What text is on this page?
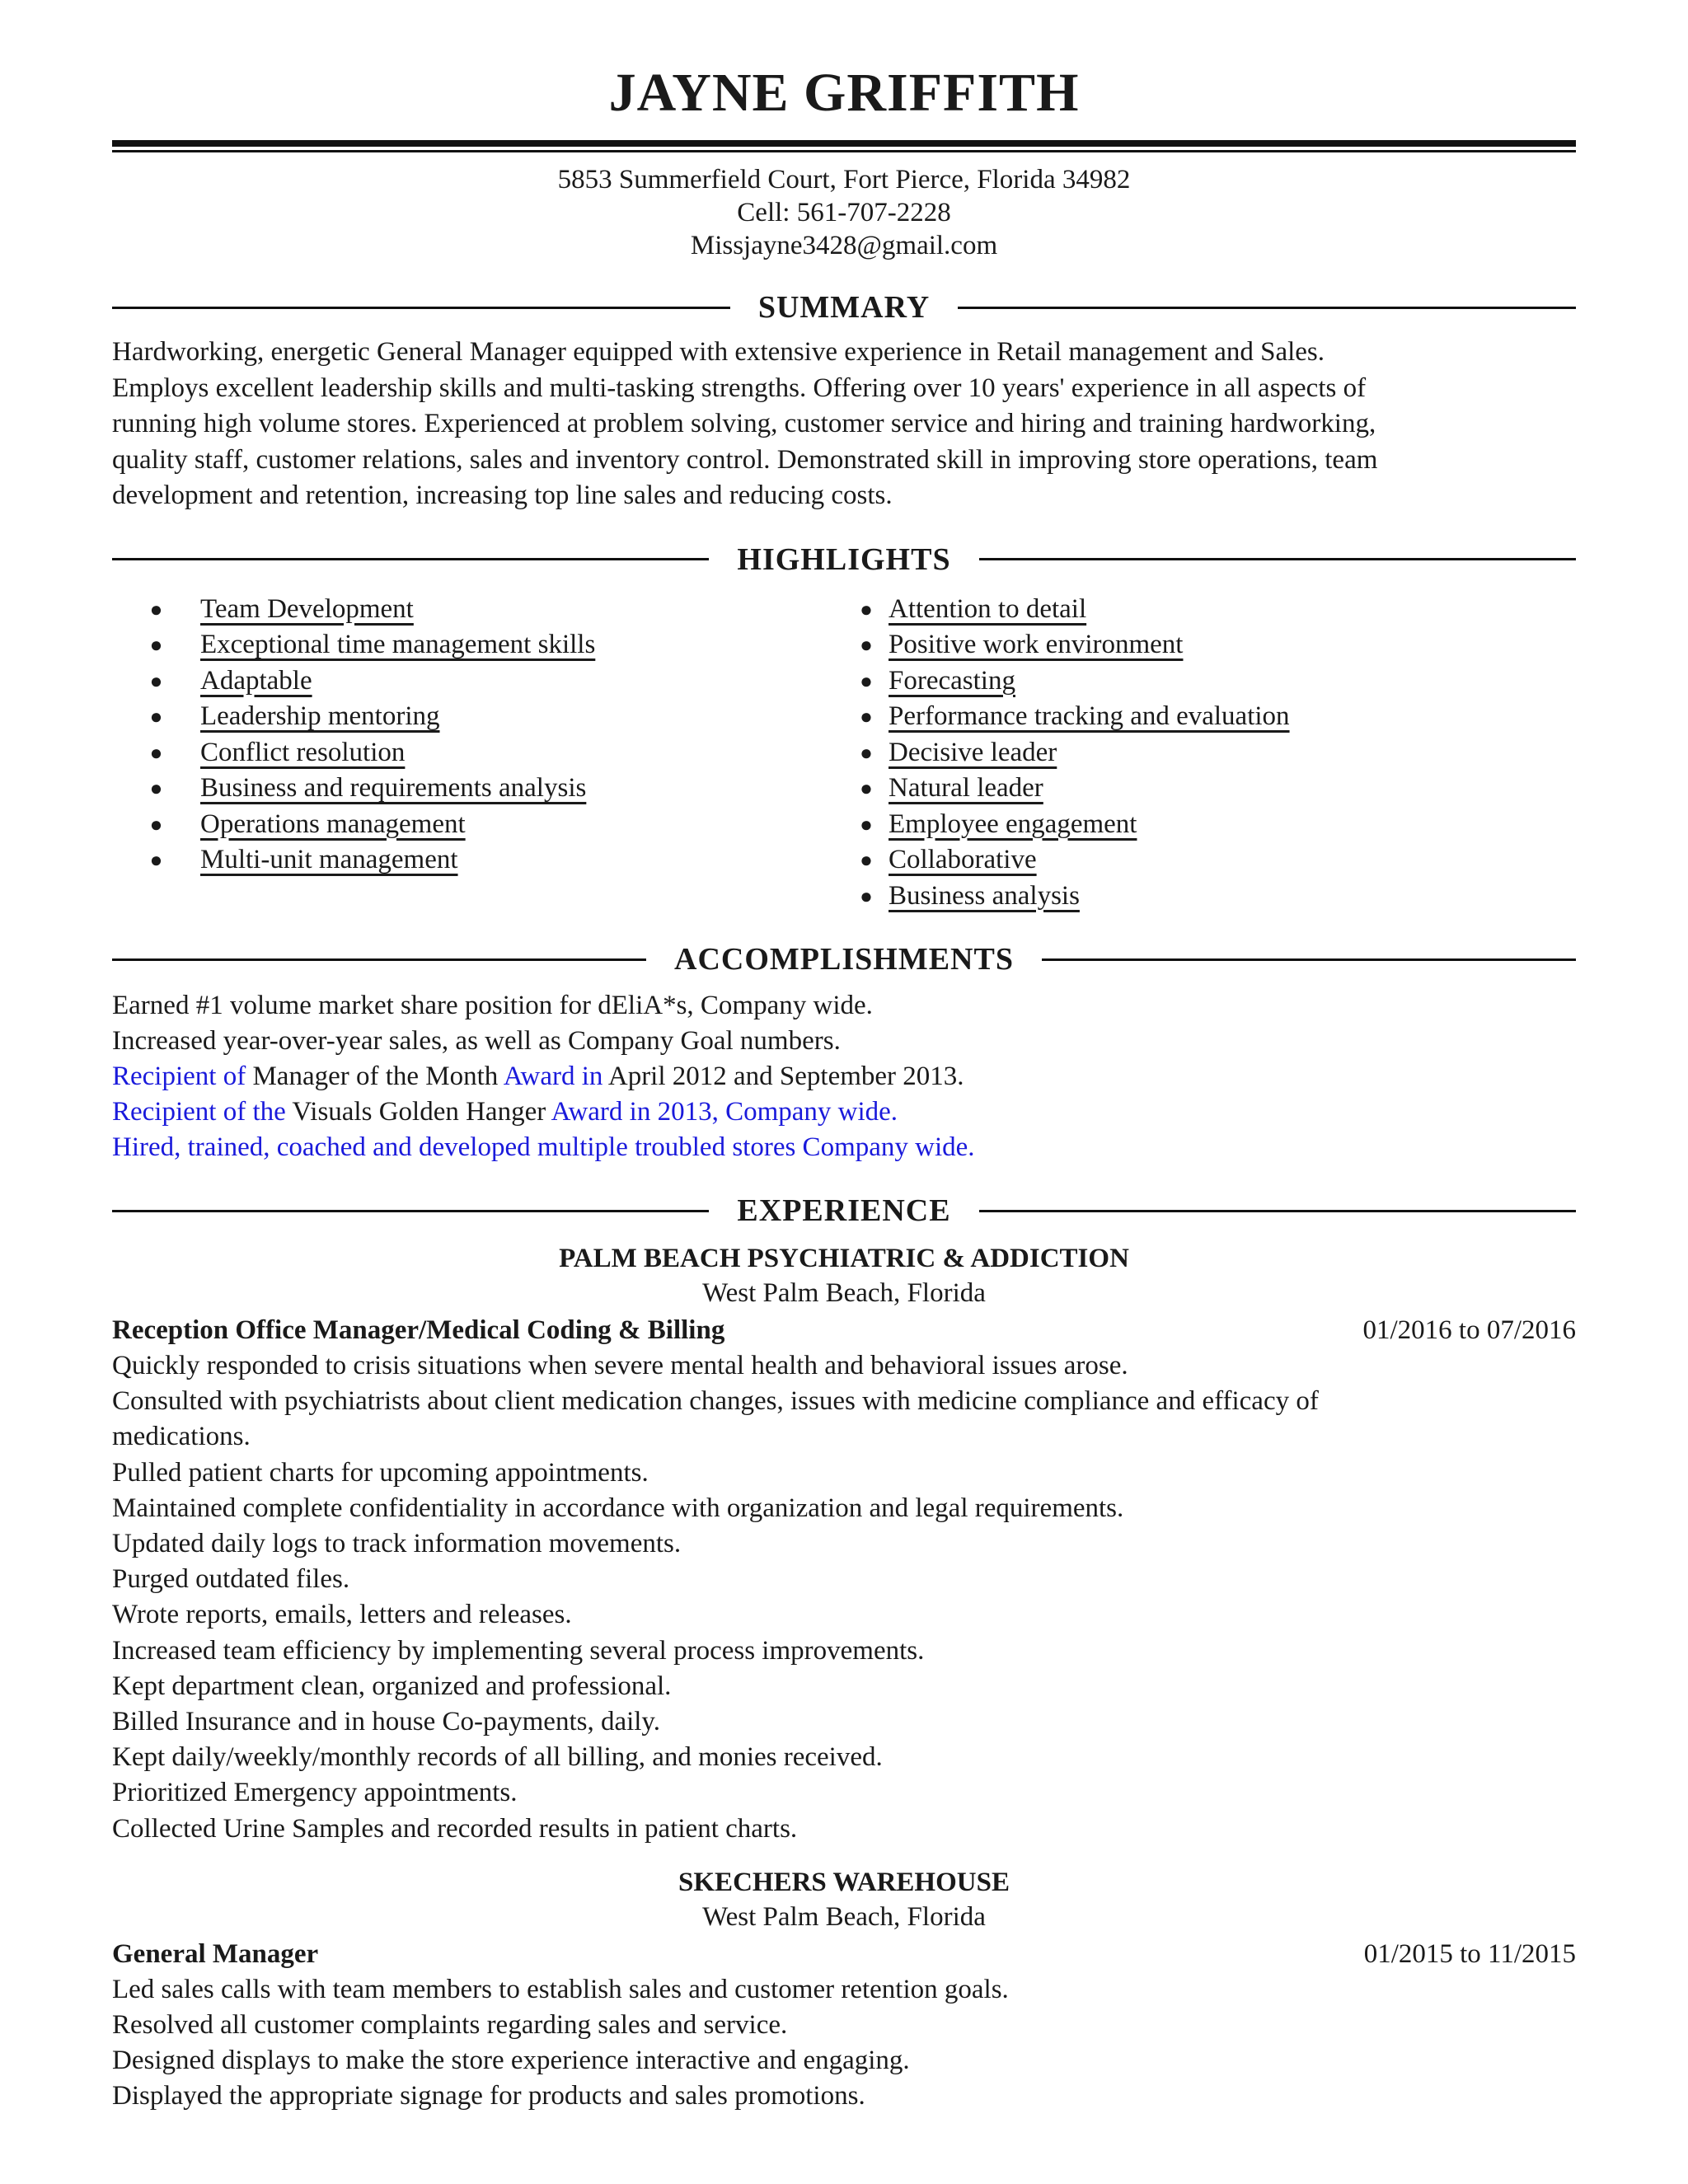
JAYNE GRIFFITH
5853 Summerfield Court, Fort Pierce, Florida 34982
Cell: 561-707-2228
Missjayne3428@gmail.com
SUMMARY
Hardworking, energetic General Manager equipped with extensive experience in Retail management and Sales.
Employs excellent leadership skills and multi-tasking strengths. Offering over 10 years' experience in all aspects of
running high volume stores. Experienced at problem solving, customer service and hiring and training hardworking,
quality staff, customer relations, sales and inventory control. Demonstrated skill in improving store operations, team
development and retention, increasing top line sales and reducing costs.
HIGHLIGHTS
●	Team Development
●	Exceptional time management skills
●	Adaptable
●	Leadership mentoring
●	Conflict resolution
●	Business and requirements analysis
●	Operations management
●	Multi-unit management
● Attention to detail
● Positive work environment
● Forecasting
● Performance tracking and evaluation
● Decisive leader
● Natural leader
● Employee engagement
● Collaborative
● Business analysis
ACCOMPLISHMENTS
Earned #1 volume market share position for dEliA*s, Company wide.
Increased year-over-year sales, as well as Company Goal numbers.
Recipient of Manager of the Month Award in April 2012 and September 2013.
Recipient of the Visuals Golden Hanger Award in 2013, Company wide.
Hired, trained, coached and developed multiple troubled stores Company wide.
EXPERIENCE
PALM BEACH PSYCHIATRIC & ADDICTION
West Palm Beach, Florida
Reception Office Manager/Medical Coding & Billing	01/2016 to 07/2016
Quickly responded to crisis situations when severe mental health and behavioral issues arose.
Consulted with psychiatrists about client medication changes, issues with medicine compliance and efficacy of
medications.
Pulled patient charts for upcoming appointments.
Maintained complete confidentiality in accordance with organization and legal requirements.
Updated daily logs to track information movements.
Purged outdated files.
Wrote reports, emails, letters and releases.
Increased team efficiency by implementing several process improvements.
Kept department clean, organized and professional.
Billed Insurance and in house Co-payments, daily.
Kept daily/weekly/monthly records of all billing, and monies received.
Prioritized Emergency appointments.
Collected Urine Samples and recorded results in patient charts.
SKECHERS WAREHOUSE
West Palm Beach, Florida
General Manager	01/2015 to 11/2015
Led sales calls with team members to establish sales and customer retention goals.
Resolved all customer complaints regarding sales and service.
Designed displays to make the store experience interactive and engaging.
Displayed the appropriate signage for products and sales promotions.
